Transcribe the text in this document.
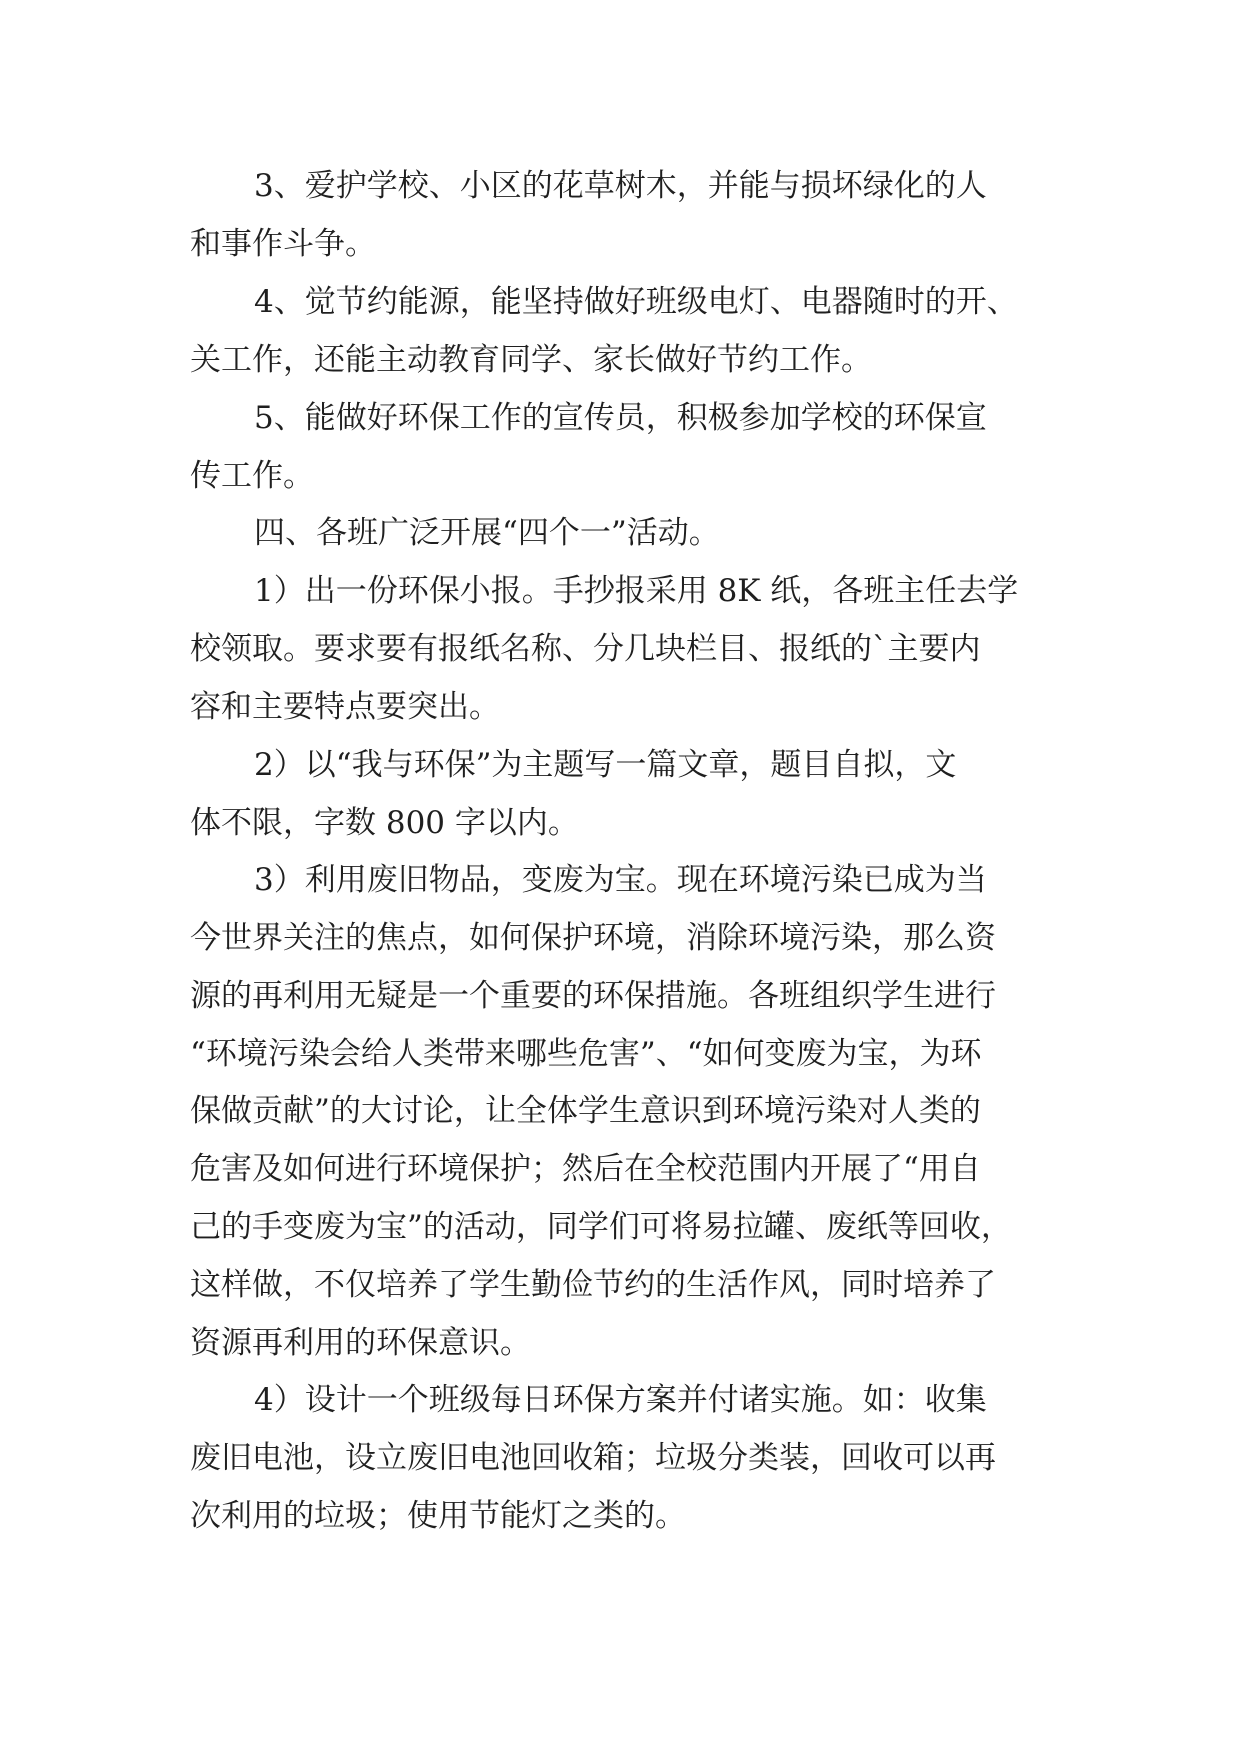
3、爱护学校、小区的花草树木，并能与损坏绿化的人
和事作斗争。
4、觉节约能源，能坚持做好班级电灯、电器随时的开、
关工作，还能主动教育同学、家长做好节约工作。
5、能做好环保工作的宣传员，积极参加学校的环保宣
传工作。
四、各班广泛开展“四个一”活动。
1）出一份环保小报。手抄报采用 8K 纸，各班主任去学
校领取。要求要有报纸名称、分几块栏目、报纸的`主要内
容和主要特点要突出。
2）以“我与环保”为主题写一篇文章，题目自拟，文
体不限，字数 800 字以内。
3）利用废旧物品，变废为宝。现在环境污染已成为当
今世界关注的焦点，如何保护环境，消除环境污染，那么资
源的再利用无疑是一个重要的环保措施。各班组织学生进行
“环境污染会给人类带来哪些危害”、“如何变废为宝，为环
保做贡献”的大讨论，让全体学生意识到环境污染对人类的
危害及如何进行环境保护；然后在全校范围内开展了“用自
己的手变废为宝”的活动，同学们可将易拉罐、废纸等回收，
这样做，不仅培养了学生勤俭节约的生活作风，同时培养了
资源再利用的环保意识。
4）设计一个班级每日环保方案并付诸实施。如：收集
废旧电池，设立废旧电池回收箱；垃圾分类装，回收可以再
次利用的垃圾；使用节能灯之类的。
